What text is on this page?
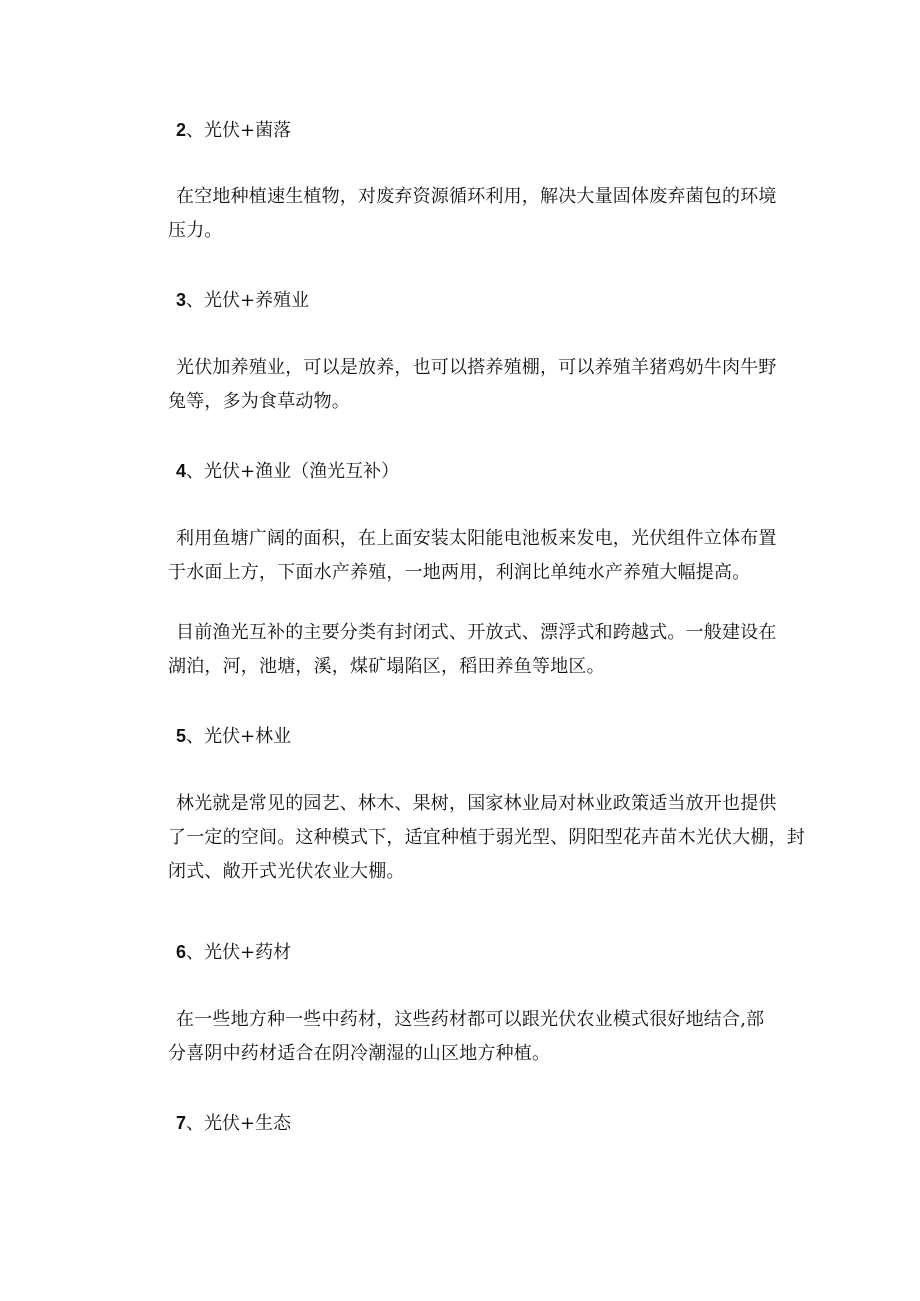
2、光伏+菌落
在空地种植速生植物，对废弃资源循环利用，解决大量固体废弃菌包的环境
压力。
3、光伏+养殖业
光伏加养殖业，可以是放养，也可以搭养殖棚，可以养殖羊猪鸡奶牛肉牛野
兔等，多为食草动物。
4、光伏+渔业（渔光互补）
利用鱼塘广阔的面积，在上面安装太阳能电池板来发电，光伏组件立体布置
于水面上方，下面水产养殖，一地两用，利润比单纯水产养殖大幅提高。
目前渔光互补的主要分类有封闭式、开放式、漂浮式和跨越式。一般建设在
湖泊，河，池塘，溪，煤矿塌陷区，稻田养鱼等地区。
5、光伏+林业
林光就是常见的园艺、林木、果树，国家林业局对林业政策适当放开也提供
了一定的空间。这种模式下，适宜种植于弱光型、阴阳型花卉苗木光伏大棚，封
闭式、敞开式光伏农业大棚。
6、光伏+药材
在一些地方种一些中药材，这些药材都可以跟光伏农业模式很好地结合,部
分喜阴中药材适合在阴冷潮湿的山区地方种植。
7、光伏+生态
